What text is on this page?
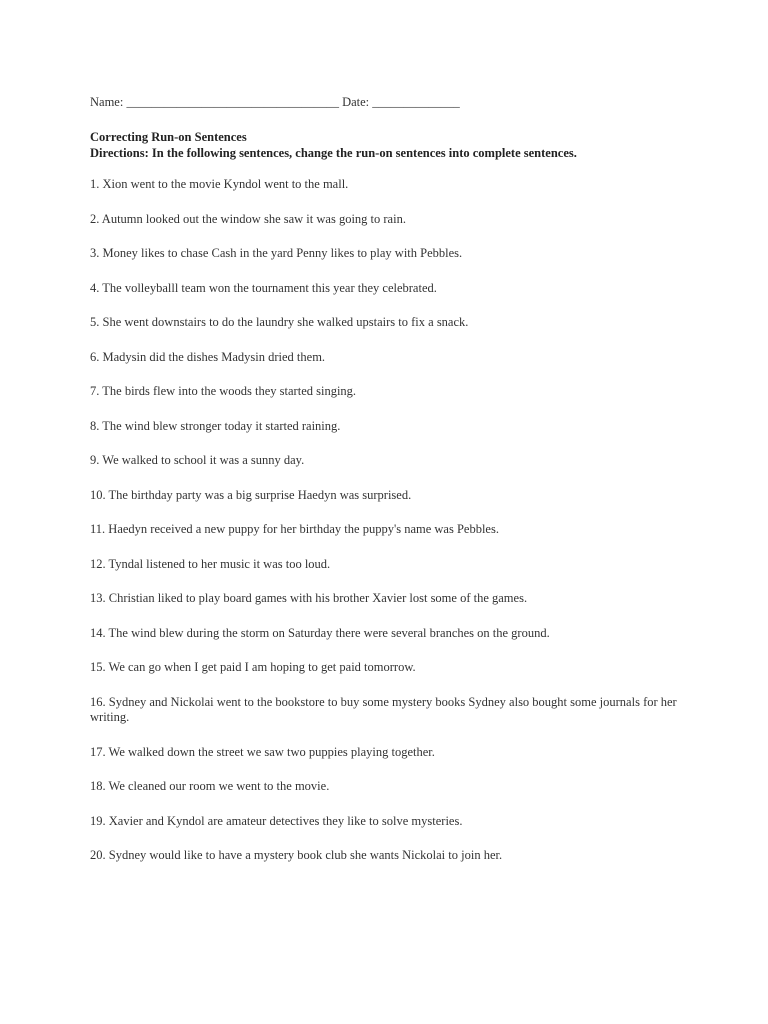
Name: __________________________________ Date: ______________
Correcting Run-on Sentences
Directions: In the following sentences, change the run-on sentences into complete sentences.
1. Xion went to the movie Kyndol went to the mall.
2. Autumn looked out the window she saw it was going to rain.
3. Money likes to chase Cash in the yard Penny likes to play with Pebbles.
4. The volleyballl team won the tournament this year they celebrated.
5. She went downstairs to do the laundry she walked upstairs to fix a snack.
6. Madysin did the dishes Madysin dried them.
7. The birds flew into the woods they started singing.
8. The wind blew stronger today it started raining.
9. We walked to school it was a sunny day.
10. The birthday party was a big surprise Haedyn was surprised.
11. Haedyn received a new puppy for her birthday the puppy's name was Pebbles.
12. Tyndal listened to her music it was too loud.
13. Christian liked to play board games with his brother Xavier lost some of the games.
14. The wind blew during the storm on Saturday there were several branches on the ground.
15. We can go when I get paid I am hoping to get paid tomorrow.
16. Sydney and Nickolai went to the bookstore to buy some mystery books Sydney also bought some journals for her writing.
17. We walked down the street we saw two puppies playing together.
18. We cleaned our room we went to the movie.
19. Xavier and Kyndol are amateur detectives they like to solve mysteries.
20. Sydney would like to have a mystery book club she wants Nickolai to join her.
